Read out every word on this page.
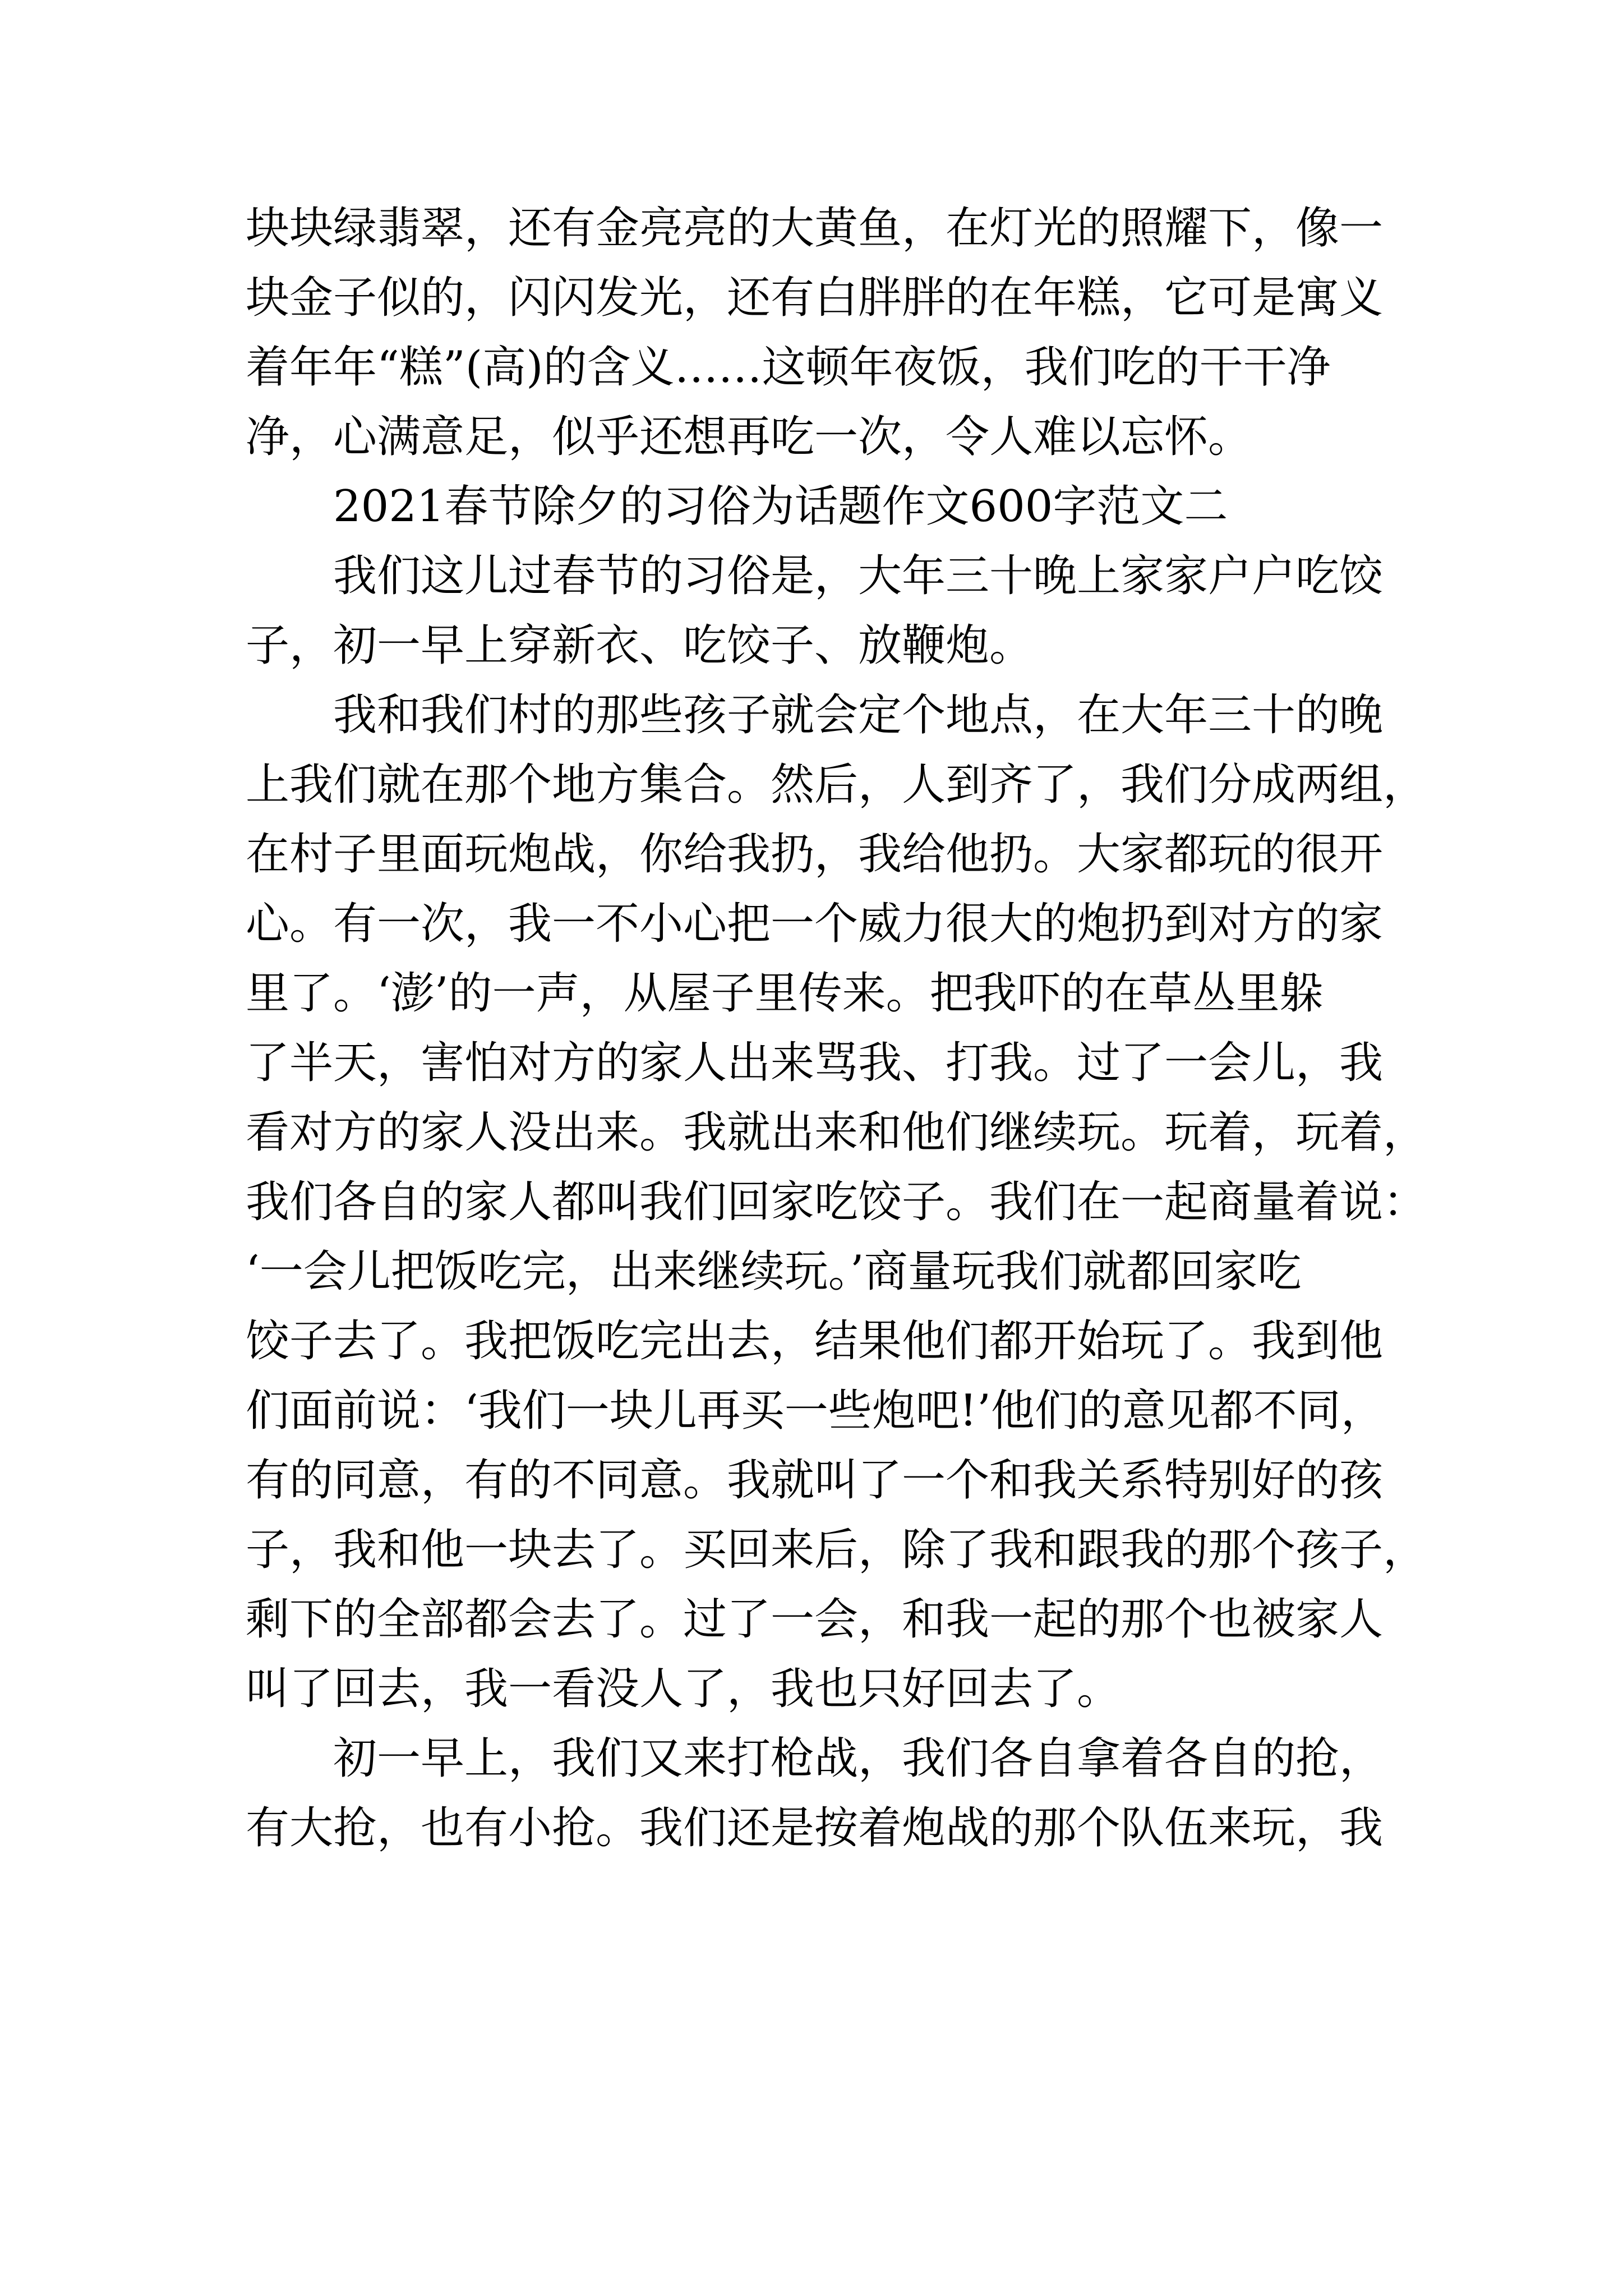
块块绿翡翠，还有金亮亮的大黄鱼，在灯光的照耀下，像一
块金子似的，闪闪发光，还有白胖胖的在年糕，它可是寓义
着年年“糕”(高)的含义……这顿年夜饭，我们吃的干干净
净，心满意足，似乎还想再吃一次，令人难以忘怀。
2021春节除夕的习俗为话题作文600字范文二
我们这儿过春节的习俗是，大年三十晚上家家户户吃饺
子，初一早上穿新衣、吃饺子、放鞭炮。
我和我们村的那些孩子就会定个地点，在大年三十的晚
上我们就在那个地方集合。然后，人到齐了，我们分成两组，
在村子里面玩炮战，你给我扔，我给他扔。大家都玩的很开
心。有一次，我一不小心把一个威力很大的炮扔到对方的家
里了。‘澎’的一声，从屋子里传来。把我吓的在草丛里躲
了半天，害怕对方的家人出来骂我、打我。过了一会儿，我
看对方的家人没出来。我就出来和他们继续玩。玩着，玩着，
我们各自的家人都叫我们回家吃饺子。我们在一起商量着说：
‘一会儿把饭吃完，出来继续玩。’商量玩我们就都回家吃
饺子去了。我把饭吃完出去，结果他们都开始玩了。我到他
们面前说：‘我们一块儿再买一些炮吧!’他们的意见都不同，
有的同意，有的不同意。我就叫了一个和我关系特别好的孩
子，我和他一块去了。买回来后，除了我和跟我的那个孩子，
剩下的全部都会去了。过了一会，和我一起的那个也被家人
叫了回去，我一看没人了，我也只好回去了。
初一早上，我们又来打枪战，我们各自拿着各自的抢，
有大抢，也有小抢。我们还是按着炮战的那个队伍来玩，我
